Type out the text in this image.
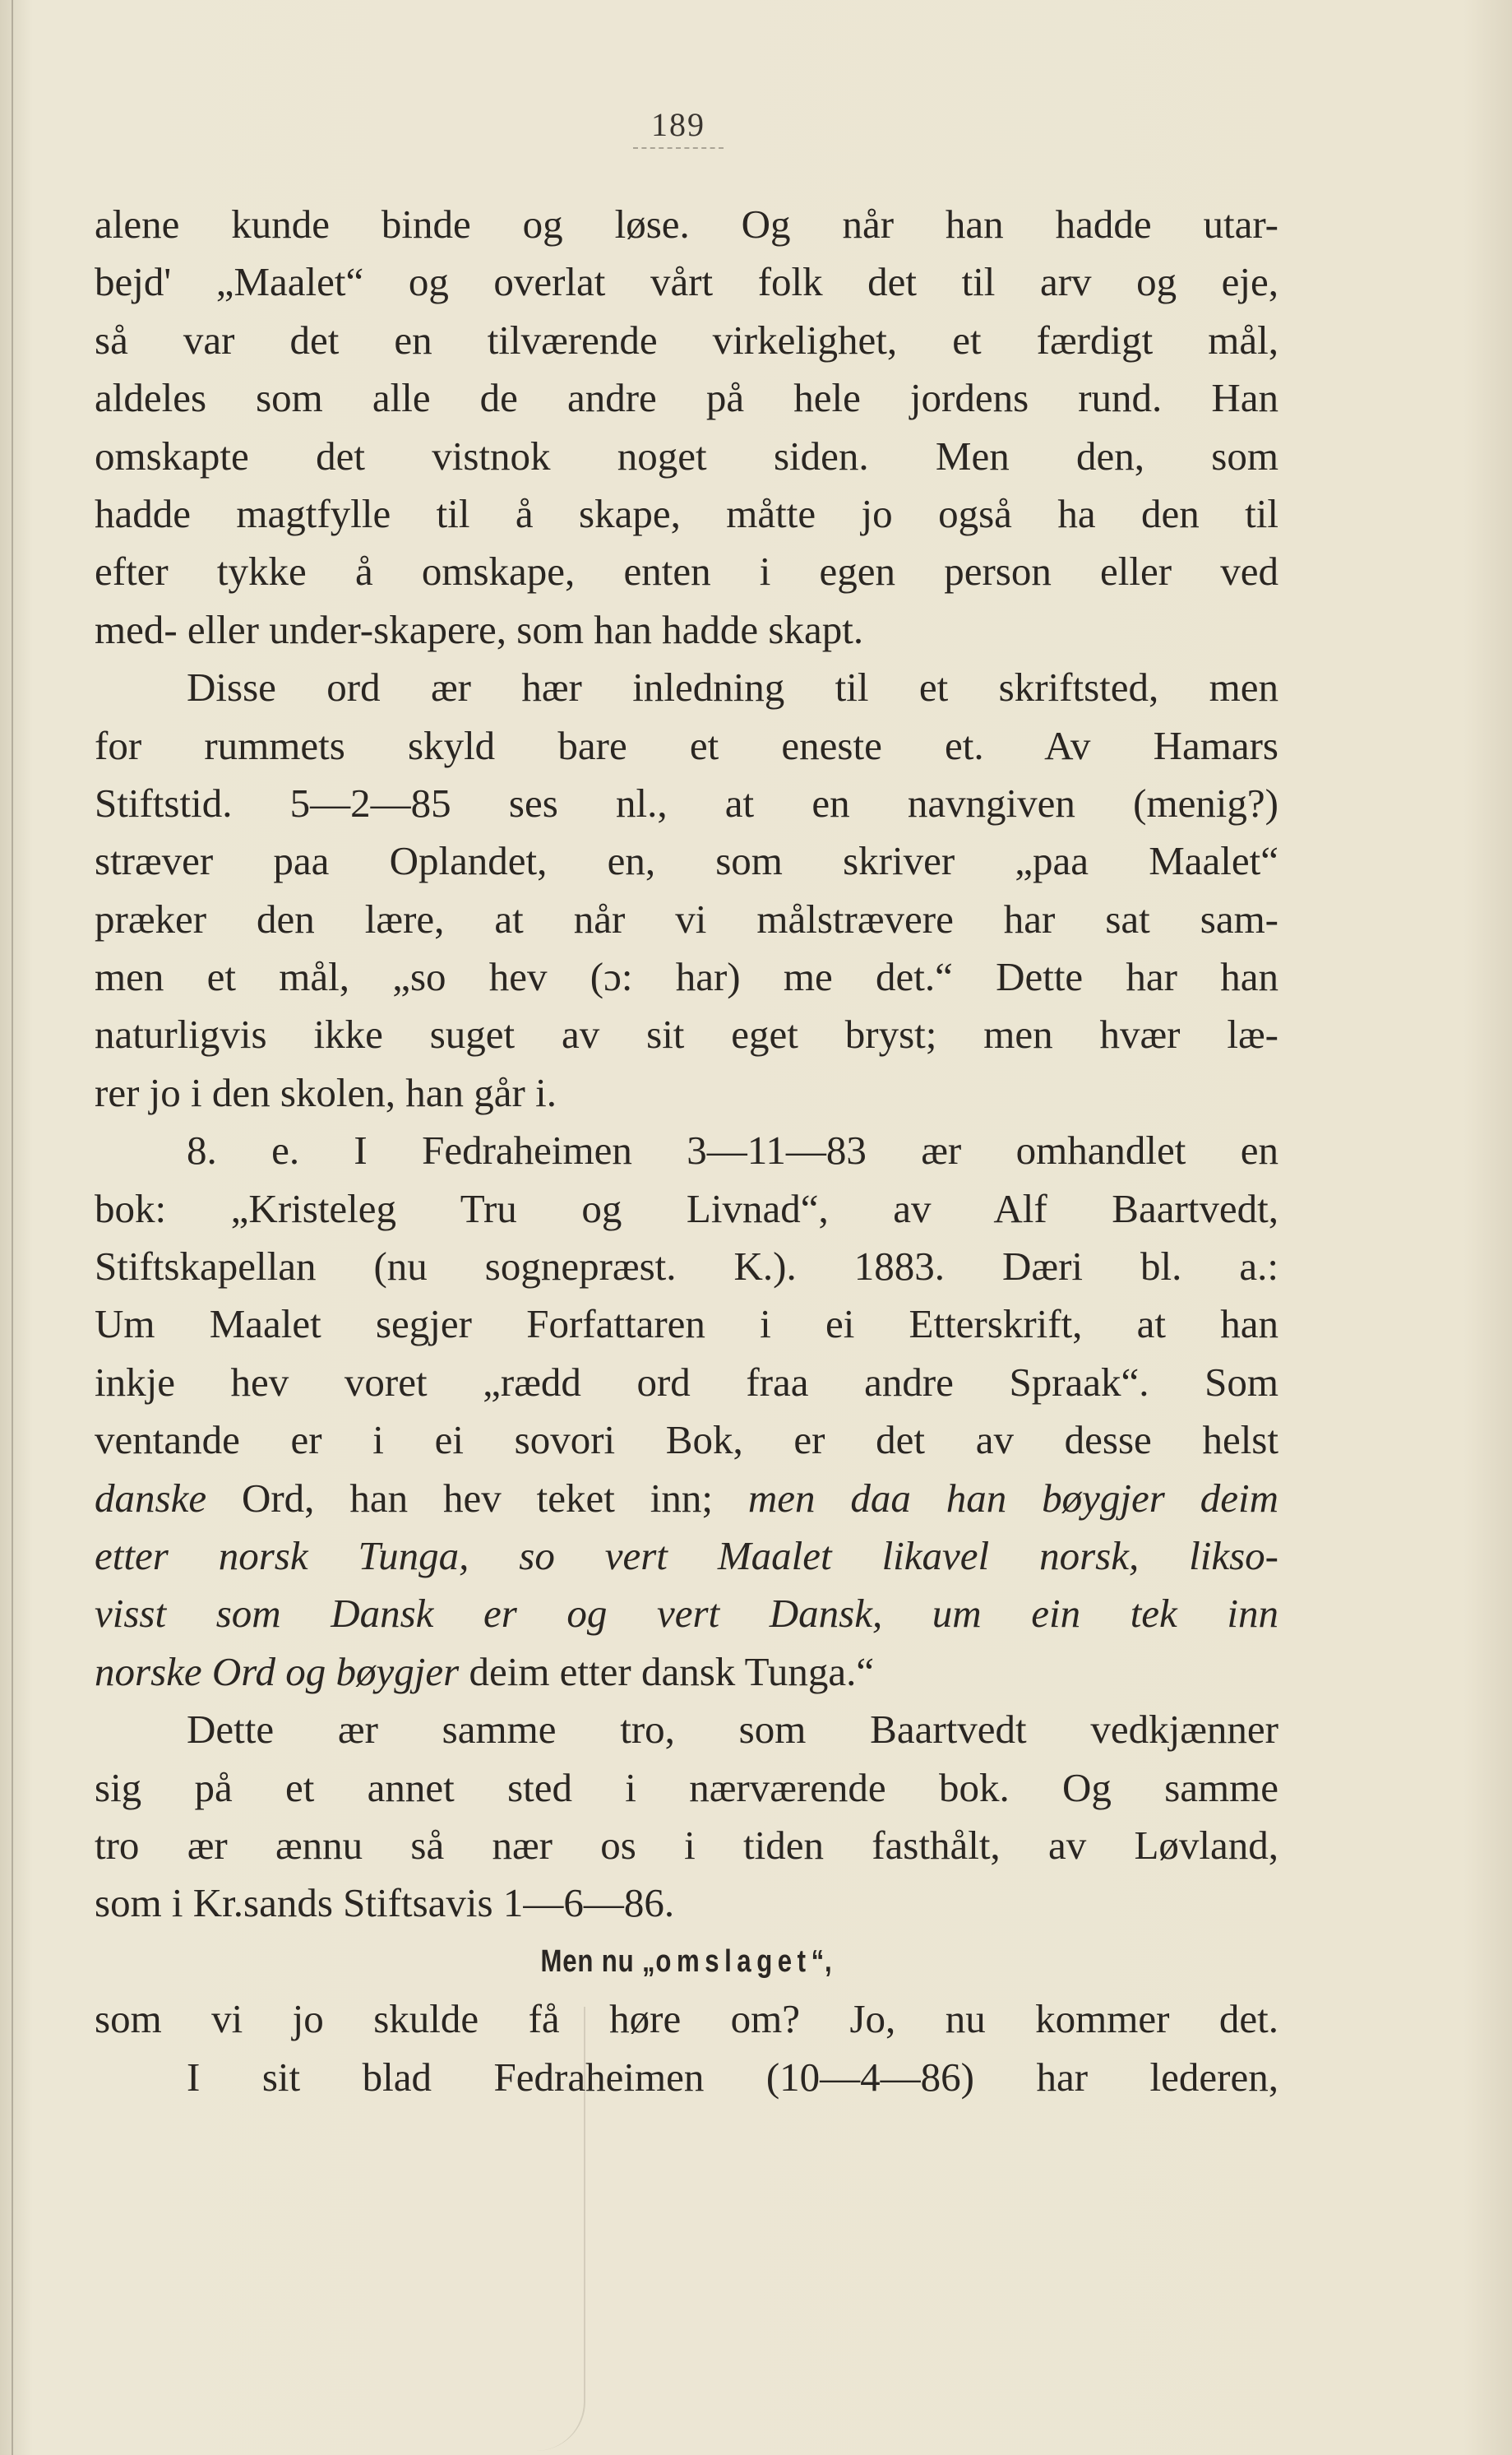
189
alene kunde binde og løse. Og når han hadde utar-
bejd' „Maalet“ og overlat vårt folk det til arv og eje,
så var det en tilværende virkelighet, et færdigt mål,
aldeles som alle de andre på hele jordens rund. Han
omskapte det vistnok noget siden. Men den, som
hadde magtfylle til å skape, måtte jo også ha den til
efter tykke å omskape, enten i egen person eller ved
med- eller under-skapere, som han hadde skapt.
Disse ord ær hær inledning til et skriftsted, men
for rummets skyld bare et eneste et. Av Hamars
Stiftstid. 5—2—85 ses nl., at en navngiven (menig?)
stræver paa Oplandet, en, som skriver „paa Maalet“
præker den lære, at når vi målstrævere har sat sam-
men et mål, „so hev (ɔ: har) me det.“ Dette har han
naturligvis ikke suget av sit eget bryst; men hvær læ-
rer jo i den skolen, han går i.
8. e. I Fedraheimen 3—11—83 ær omhandlet en
bok: „Kristeleg Tru og Livnad“, av Alf Baartvedt,
Stiftskapellan (nu sognepræst. K.). 1883. Dæri bl. a.:
Um Maalet segjer Forfattaren i ei Etterskrift, at han
inkje hev voret „rædd ord fraa andre Spraak“. Som
ventande er i ei sovori Bok, er det av desse helst
danske Ord, han hev teket inn; men daa han bøygjer deim
etter norsk Tunga, so vert Maalet likavel norsk, likso-
visst som Dansk er og vert Dansk, um ein tek inn
norske Ord og bøygjer deim etter dansk Tunga.“
Dette ær samme tro, som Baartvedt vedkjænner
sig på et annet sted i nærværende bok. Og samme
tro ær ænnu så nær os i tiden fasthålt, av Løvland,
som i Kr.sands Stiftsavis 1—6—86.
Men nu „omslaget“,
som vi jo skulde få høre om? Jo, nu kommer det.
I sit blad Fedraheimen (10—4—86) har lederen,
